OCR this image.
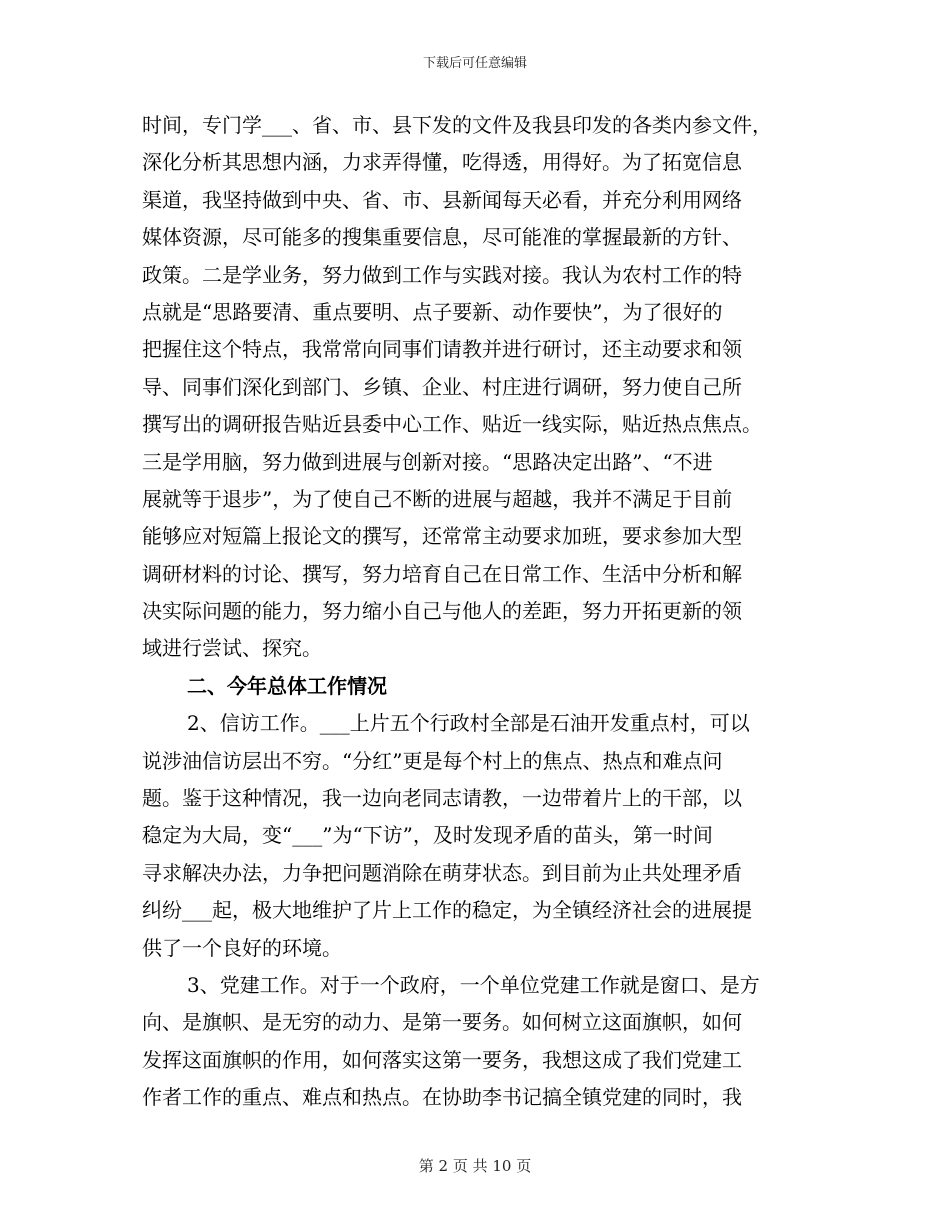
下载后可任意编辑
时间，专门学___、省、市、县下发的文件及我县印发的各类内参文件，
深化分析其思想内涵，力求弄得懂，吃得透，用得好。为了拓宽信息
渠道，我坚持做到中央、省、市、县新闻每天必看，并充分利用网络
媒体资源，尽可能多的搜集重要信息，尽可能准的掌握最新的方针、
政策。二是学业务，努力做到工作与实践对接。我认为农村工作的特
点就是“思路要清、重点要明、点子要新、动作要快”，为了很好的
把握住这个特点，我常常向同事们请教并进行研讨，还主动要求和领
导、同事们深化到部门、乡镇、企业、村庄进行调研，努力使自己所
撰写出的调研报告贴近县委中心工作、贴近一线实际，贴近热点焦点。
三是学用脑，努力做到进展与创新对接。“思路决定出路”、“不进
展就等于退步”，为了使自己不断的进展与超越，我并不满足于目前
能够应对短篇上报论文的撰写，还常常主动要求加班，要求参加大型
调研材料的讨论、撰写，努力培育自己在日常工作、生活中分析和解
决实际问题的能力，努力缩小自己与他人的差距，努力开拓更新的领
域进行尝试、探究。
二、今年总体工作情况
2、信访工作。___上片五个行政村全部是石油开发重点村，可以
说涉油信访层出不穷。“分红”更是每个村上的焦点、热点和难点问
题。鉴于这种情况，我一边向老同志请教，一边带着片上的干部，以
稳定为大局，变“___”为“下访”，及时发现矛盾的苗头，第一时间
寻求解决办法，力争把问题消除在萌芽状态。到目前为止共处理矛盾
纠纷___起，极大地维护了片上工作的稳定，为全镇经济社会的进展提
供了一个良好的环境。
3、党建工作。对于一个政府，一个单位党建工作就是窗口、是方
向、是旗帜、是无穷的动力、是第一要务。如何树立这面旗帜，如何
发挥这面旗帜的作用，如何落实这第一要务，我想这成了我们党建工
作者工作的重点、难点和热点。在协助李书记搞全镇党建的同时，我
第 2 页 共 10 页
